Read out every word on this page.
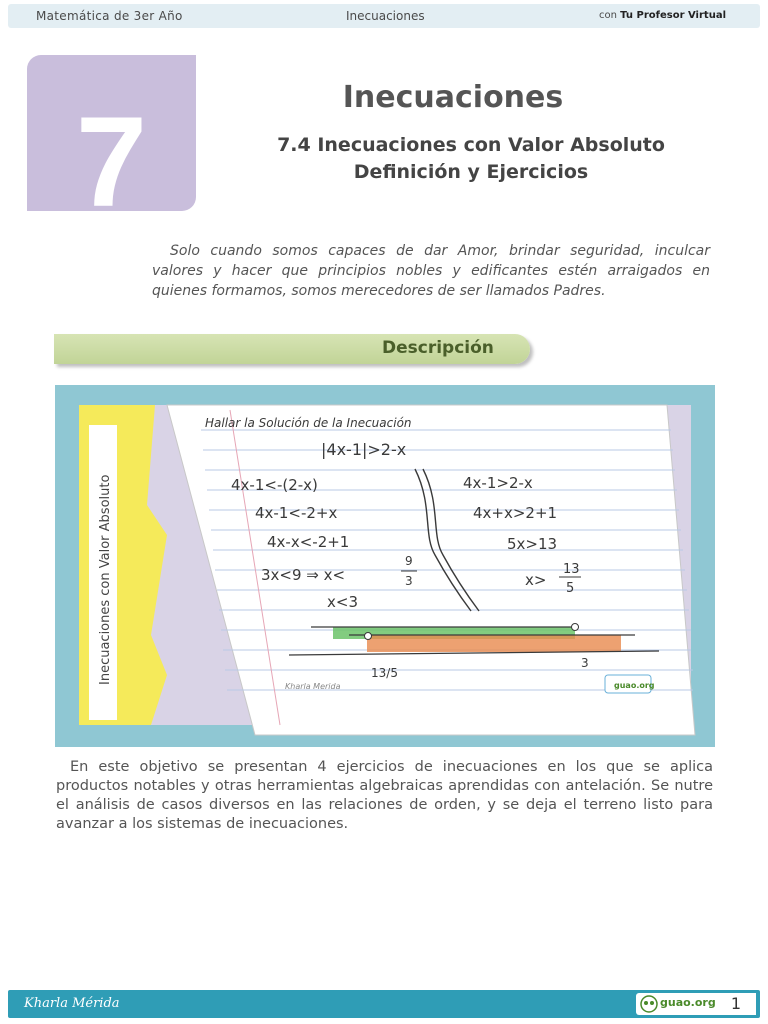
Matemática de 3er Año	Inecuaciones	con Tu Profesor Virtual
7
7ma Unidad
Inecuaciones
7.4 Inecuaciones con Valor Absoluto
Definición y Ejercicios
Solo cuando somos capaces de dar Amor, brindar seguridad, inculcar valores y hacer que principios nobles y edificantes estén arraigados en quienes formamos, somos merecedores de ser llamados Padres.
Descripción
Inecuaciones con Valor Absoluto
Hallar la Solución de la Inecuación
|4x-1|>2-x
4x-1<-(2-x)
4x-1<-2+x
4x-x<-2+1
3x<9 ⇒ x<
9
3
x<3
4x-1>2-x
4x+x>2+1
5x>13
x>
13
5
13/5
3
Kharla Merida	guao.org
En este objetivo se presentan 4 ejercicios de inecuaciones en los que se aplica productos notables y otras herramientas algebraicas aprendidas con antelación. Se nutre el análisis de casos diversos en las relaciones de orden, y se deja el terreno listo para avanzar a los sistemas de inecuaciones.
Kharla Mérida	guao.org 1
